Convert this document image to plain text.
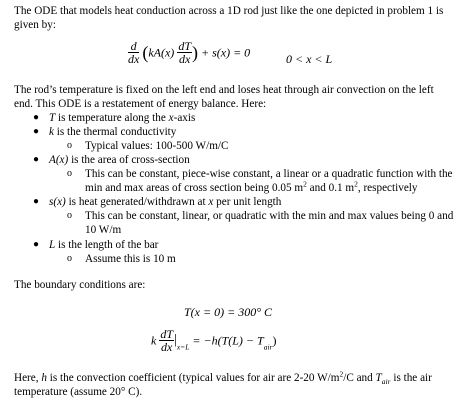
The ODE that models heat conduction across a 1D rod just like the one depicted in problem 1 is
given by:
$\frac{d}{dx} (kA(x) \frac{dT}{dx}$ ) + s(x) = 0	0 < x < L
The rod’s temperature is fixed on the left end and loses heat through air convection on the left
end. This ODE is a restatement of energy balance. Here:
● T is temperature along the x-axis
● k is the thermal conductivity
o Typical values: 100-500 W/m/C
● A(x) is the area of cross-section
o This can be constant, piece-wise constant, a linear or a quadratic function with the
min and max areas of cross section being 0.05 $m^2$ and 0.1 $m^2$, respectively
● s(x) is heat generated/withdrawn at x per unit length
o This can be constant, linear, or quadratic with the min and max values being 0 and
10 W/m
● L is the length of the bar
o Assume this is 10 m
The boundary conditions are:
T(x = 0) = 300° C
k $\frac{dT}{dx} |_{x=L} = -h(T(L) - T_{air})$
Here, h is the convection coefficient (typical values for air are 2-20 $W/m^2/C$ and $T_{air}$ is the air
temperature (assume 20° C).
